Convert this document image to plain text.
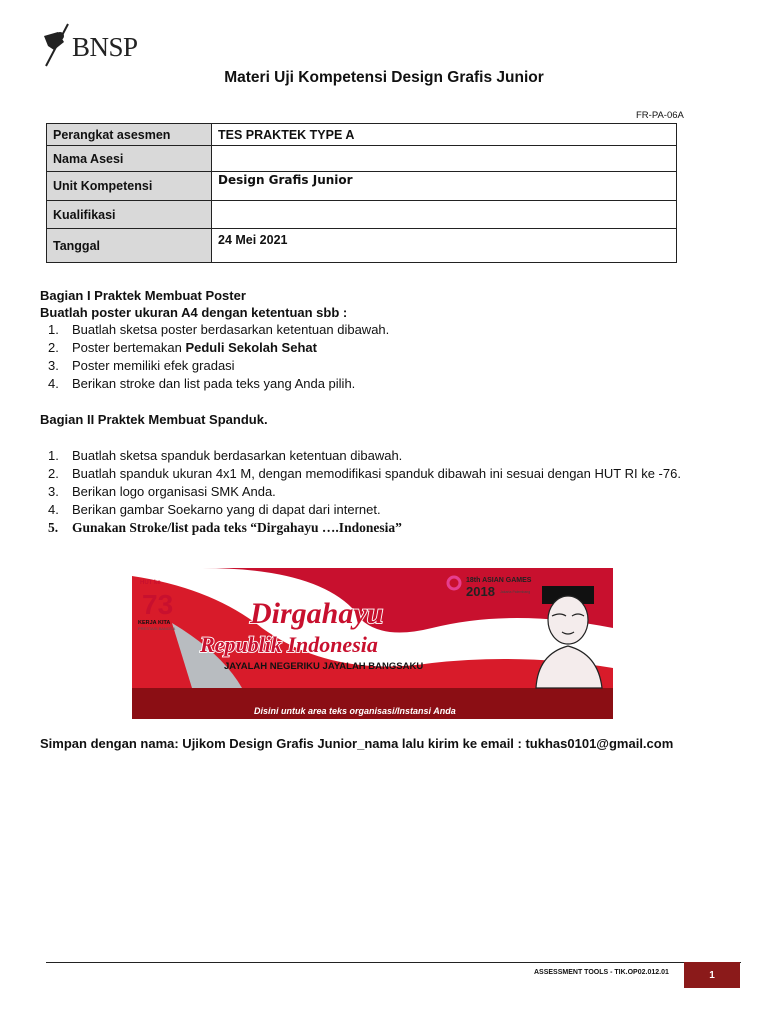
BNSP
Materi Uji Kompetensi Design Grafis Junior
FR-PA-06A
Perangkat asesmen	TES PRAKTEK TYPE A
Nama Asesi	
Unit Kompetensi	Design Grafis Junior
Kualifikasi	
Tanggal	24 Mei 2021
Bagian I Praktek Membuat Poster
Buatlah poster ukuran A4 dengan ketentuan sbb :
1. Buatlah sketsa poster berdasarkan ketentuan dibawah.
2. Poster bertemakan Peduli Sekolah Sehat
3. Poster memiliki efek gradasi
4. Berikan stroke dan list pada teks yang Anda pilih.
Bagian II Praktek Membuat Spanduk.
1. Buatlah sketsa spanduk berdasarkan ketentuan dibawah.
2. Buatlah spanduk ukuran 4x1 M, dengan memodifikasi spanduk dibawah ini sesuai dengan HUT RI ke -76.
3. Berikan logo organisasi SMK Anda.
4. Berikan gambar Soekarno yang di dapat dari internet.
5. Gunakan Stroke/list pada teks “Dirgahayu ….Indonesia”
HUT ke
73
KERJA KITA
PRESTASI BANGSA
18th ASIAN GAMES
2018 Jakarta Palembang
Dirgahayu
Republik Indonesia
JAYALAH NEGERIKU JAYALAH BANGSAKU
Disini untuk area teks organisasi/Instansi Anda
Simpan dengan nama: Ujikom Design Grafis Junior_nama lalu kirim ke email : tukhas0101@gmail.com
ASSESSMENT TOOLS - TIK.OP02.012.01	1
